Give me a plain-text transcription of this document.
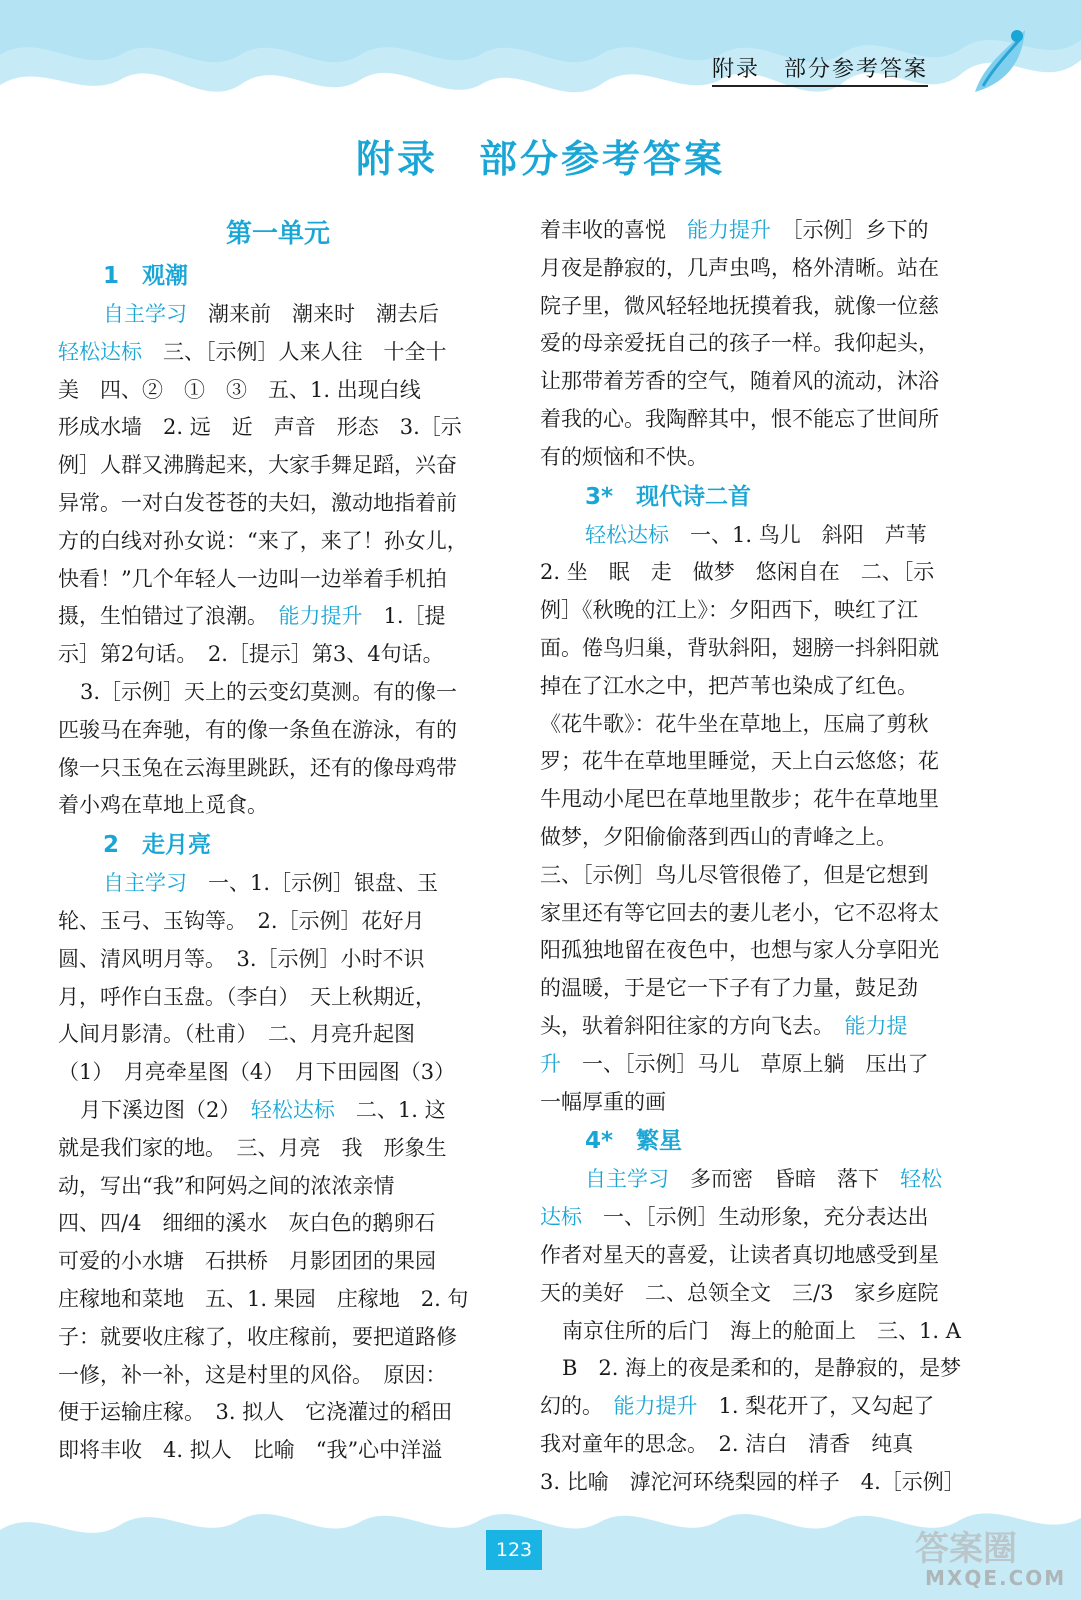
附录　部分参考答案
附录　部分参考答案
第一单元

1　观潮

自主学习　潮来前　潮来时　潮去后

轻松达标　三、［示例］人来人往　十全十

美　四、②　①　③　五、1. 出现白线

形成水墙　2. 远　近　声音　形态　3.［示

例］人群又沸腾起来，大家手舞足蹈，兴奋

异常。一对白发苍苍的夫妇，激动地指着前

方的白线对孙女说：“来了，来了！孙女儿，

快看！”几个年轻人一边叫一边举着手机拍

摄，生怕错过了浪潮。　能力提升　1.［提

示］第2句话。　2.［提示］第3、4句话。

3.［示例］天上的云变幻莫测。有的像一

匹骏马在奔驰，有的像一条鱼在游泳，有的

像一只玉兔在云海里跳跃，还有的像母鸡带

着小鸡在草地上觅食。

2　走月亮

自主学习　一、1.［示例］银盘、玉

轮、玉弓、玉钩等。　2.［示例］花好月

圆、清风明月等。　3.［示例］小时不识

月，呼作白玉盘。（李白）　天上秋期近，

人间月影清。（杜甫）　二、月亮升起图

（1）　月亮牵星图（4）　月下田园图（3）

月下溪边图（2）　轻松达标　二、1. 这

就是我们家的地。　三、月亮　我　形象生

动，写出“我”和阿妈之间的浓浓亲情

四、四/4　细细的溪水　灰白色的鹅卵石

可爱的小水塘　石拱桥　月影团团的果园

庄稼地和菜地　五、1. 果园　庄稼地　2. 句

子：就要收庄稼了，收庄稼前，要把道路修

一修，补一补，这是村里的风俗。　原因：

便于运输庄稼。　3. 拟人　它浇灌过的稻田

即将丰收　4. 拟人　比喻　“我”心中洋溢

着丰收的喜悦　能力提升　［示例］乡下的

月夜是静寂的，几声虫鸣，格外清晰。站在

院子里，微风轻轻地抚摸着我，就像一位慈

爱的母亲爱抚自己的孩子一样。我仰起头，

让那带着芳香的空气，随着风的流动，沐浴

着我的心。我陶醉其中，恨不能忘了世间所

有的烦恼和不快。

3*　现代诗二首

轻松达标　一、1. 鸟儿　斜阳　芦苇

2. 坐　眠　走　做梦　悠闲自在　二、［示

例］《秋晚的江上》：夕阳西下，映红了江

面。倦鸟归巢，背驮斜阳，翅膀一抖斜阳就

掉在了江水之中，把芦苇也染成了红色。

《花牛歌》：花牛坐在草地上，压扁了剪秋

罗；花牛在草地里睡觉，天上白云悠悠；花

牛甩动小尾巴在草地里散步；花牛在草地里

做梦，夕阳偷偷落到西山的青峰之上。

三、［示例］鸟儿尽管很倦了，但是它想到

家里还有等它回去的妻儿老小，它不忍将太

阳孤独地留在夜色中，也想与家人分享阳光

的温暖，于是它一下子有了力量，鼓足劲

头，驮着斜阳往家的方向飞去。　能力提

升　一、［示例］马儿　草原上躺　压出了

一幅厚重的画

4*　繁星

自主学习　多而密　昏暗　落下　轻松

达标　一、［示例］生动形象，充分表达出

作者对星天的喜爱，让读者真切地感受到星

天的美好　二、总领全文　三/3　家乡庭院

南京住所的后门　海上的舱面上　三、1. A

B　2. 海上的夜是柔和的，是静寂的，是梦

幻的。　能力提升　1. 梨花开了，又勾起了

我对童年的思念。　2. 洁白　清香　纯真

3. 比喻　滹沱河环绕梨园的样子　4.［示例］

123	答案圈
MXQE.COM
